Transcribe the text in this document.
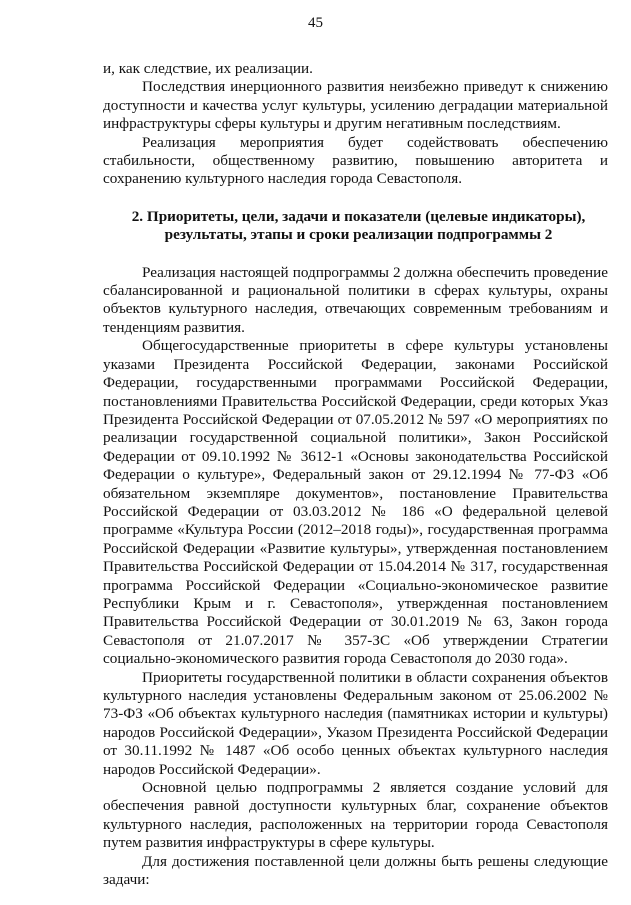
45

и, как следствие, их реализации.

Последствия инерционного развития неизбежно приведут к снижению доступности и качества услуг культуры, усилению деградации материальной инфраструктуры сферы культуры и другим негативным последствиям.

Реализация мероприятия будет содействовать обеспечению стабильности, общественному развитию, повышению авторитета и сохранению культурного наследия города Севастополя.

2. Приоритеты, цели, задачи и показатели (целевые индикаторы), результаты, этапы и сроки реализации подпрограммы 2

Реализация настоящей подпрограммы 2 должна обеспечить проведение сбалансированной и рациональной политики в сферах культуры, охраны объектов культурного наследия, отвечающих современным требованиям и тенденциям развития.

Общегосударственные приоритеты в сфере культуры установлены указами Президента Российской Федерации, законами Российской Федерации, государственными программами Российской Федерации, постановлениями Правительства Российской Федерации, среди которых Указ Президента Российской Федерации от 07.05.2012 № 597 «О мероприятиях по реализации государственной социальной политики», Закон Российской Федерации от 09.10.1992 № 3612-1 «Основы законодательства Российской Федерации о культуре», Федеральный закон от 29.12.1994 № 77-ФЗ «Об обязательном экземпляре документов», постановление Правительства Российской Федерации от 03.03.2012 № 186 «О федеральной целевой программе «Культура России (2012–2018 годы)», государственная программа Российской Федерации «Развитие культуры», утвержденная постановлением Правительства Российской Федерации от 15.04.2014 № 317, государственная программа Российской Федерации «Социально-экономическое развитие Республики Крым и г. Севастополя», утвержденная постановлением Правительства Российской Федерации от 30.01.2019 № 63, Закон города Севастополя от 21.07.2017 № 357-ЗС «Об утверждении Стратегии социально-экономического развития города Севастополя до 2030 года».

Приоритеты государственной политики в области сохранения объектов культурного наследия установлены Федеральным законом от 25.06.2002 № 73-ФЗ «Об объектах культурного наследия (памятниках истории и культуры) народов Российской Федерации», Указом Президента Российской Федерации от 30.11.1992 № 1487 «Об особо ценных объектах культурного наследия народов Российской Федерации».

Основной целью подпрограммы 2 является создание условий для обеспечения равной доступности культурных благ, сохранение объектов культурного наследия, расположенных на территории города Севастополя путем развития инфраструктуры в сфере культуры.

Для достижения поставленной цели должны быть решены следующие задачи:
